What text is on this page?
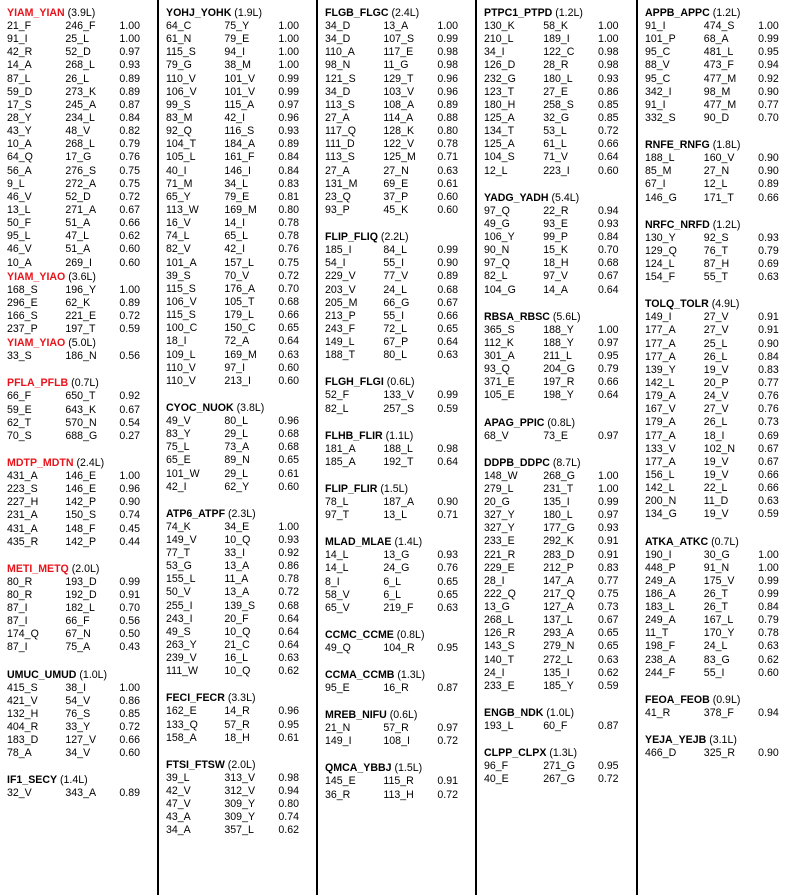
YIAM_YIAN (3.9L)
21_F	246_F	1.00
91_I	25_L	1.00
42_R	52_D	0.97
14_A	268_L	0.93
87_L	26_L	0.89
59_D	273_K	0.89
17_S	245_A	0.87
28_Y	234_L	0.84
43_Y	48_V	0.82
10_A	268_L	0.79
64_Q	17_G	0.76
56_A	276_S	0.75
9_L	272_A	0.75
46_V	52_D	0.72
13_L	271_A	0.67
50_F	51_A	0.66
95_L	47_L	0.62
46_V	51_A	0.60
10_A	269_I	0.60
YIAM_YIAO (3.6L)
168_S	196_Y	1.00
296_E	62_K	0.89
166_S	221_E	0.72
237_P	197_T	0.59
YIAM_YIAO (5.0L)
33_S	186_N	0.56
PFLA_PFLB (0.7L)
66_F	650_T	0.92
59_E	643_K	0.67
62_T	570_N	0.54
70_S	688_G	0.27
MDTP_MDTN (2.4L)
431_A	146_E	1.00
223_S	146_E	0.96
227_H	142_P	0.90
231_A	150_S	0.74
431_A	148_F	0.45
435_R	142_P	0.44
METI_METQ (2.0L)
80_R	193_D	0.99
80_R	192_D	0.91
87_I	182_L	0.70
87_I	66_F	0.56
174_Q	67_N	0.50
87_I	75_A	0.43
UMUC_UMUD (1.0L)
415_S	38_I	1.00
421_V	54_V	0.86
132_H	76_S	0.85
404_R	33_Y	0.72
183_D	127_V	0.66
78_A	34_V	0.60
IF1_SECY (1.4L)
32_V	343_A	0.89
YOHJ_YOHK (1.9L)
64_C	75_Y	1.00
61_N	79_E	1.00
115_S	94_I	1.00
79_G	38_M	1.00
110_V	101_V	0.99
106_V	101_V	0.99
99_S	115_A	0.97
83_M	42_I	0.96
92_Q	116_S	0.93
104_T	184_A	0.89
105_L	161_F	0.84
40_I	146_I	0.84
71_M	34_L	0.83
65_Y	79_E	0.81
113_W	169_M	0.80
16_V	14_I	0.78
74_L	65_L	0.78
82_V	42_I	0.76
101_A	157_L	0.75
39_S	70_V	0.72
115_S	176_A	0.70
106_V	105_T	0.68
115_S	179_L	0.66
100_C	150_C	0.65
18_I	72_A	0.64
109_L	169_M	0.63
110_V	97_I	0.60
110_V	213_I	0.60
CYOC_NUOK (3.8L)
49_V	80_L	0.96
83_Y	29_L	0.68
75_L	73_A	0.68
65_E	89_N	0.65
101_W	29_L	0.61
42_I	62_Y	0.60
ATP6_ATPF (2.3L)
74_K	34_E	1.00
149_V	10_Q	0.93
77_T	33_I	0.92
53_G	13_A	0.86
155_L	11_A	0.78
50_V	13_A	0.72
255_I	139_S	0.68
243_I	20_F	0.64
49_S	10_Q	0.64
263_Y	21_C	0.64
239_V	16_L	0.63
111_W	10_Q	0.62
FECI_FECR (3.3L)
162_E	14_R	0.96
133_Q	57_R	0.95
158_A	18_H	0.61
FTSI_FTSW (2.0L)
39_L	313_V	0.98
42_V	312_V	0.94
47_V	309_Y	0.80
43_A	309_Y	0.74
34_A	357_L	0.62
FLGB_FLGC (2.4L)
34_D	13_A	1.00
34_D	107_S	0.99
110_A	117_E	0.98
98_N	11_G	0.98
121_S	129_T	0.96
34_D	103_V	0.96
113_S	108_A	0.89
27_A	114_A	0.88
117_Q	128_K	0.80
111_D	122_V	0.78
113_S	125_M	0.71
27_A	27_N	0.63
131_M	69_E	0.61
23_Q	37_P	0.60
93_P	45_K	0.60
FLIP_FLIQ (2.2L)
185_I	84_L	0.99
54_I	55_I	0.90
229_V	77_V	0.89
203_V	24_L	0.68
205_M	66_G	0.67
213_P	55_I	0.66
243_F	72_L	0.65
149_L	67_P	0.64
188_T	80_L	0.63
FLGH_FLGI (0.6L)
52_F	133_V	0.99
82_L	257_S	0.59
FLHB_FLIR (1.1L)
181_A	188_L	0.98
185_A	192_T	0.64
FLIP_FLIR (1.5L)
78_L	187_A	0.90
97_T	13_L	0.71
MLAD_MLAE (1.4L)
14_L	13_G	0.93
14_L	24_G	0.76
8_I	6_L	0.65
58_V	6_L	0.65
65_V	219_F	0.63
CCMC_CCME (0.8L)
49_Q	104_R	0.95
CCMA_CCMB (1.3L)
95_E	16_R	0.87
MREB_NIFU (0.6L)
21_N	57_R	0.97
149_I	108_I	0.72
QMCA_YBBJ (1.5L)
145_E	115_R	0.91
36_R	113_H	0.72
PTPC1_PTPD (1.2L)
130_K	58_K	1.00
210_L	189_I	1.00
34_I	122_C	0.98
126_D	28_R	0.98
232_G	180_L	0.93
123_T	27_E	0.86
180_H	258_S	0.85
125_A	32_G	0.85
134_T	53_L	0.72
125_A	61_L	0.66
104_S	71_V	0.64
12_L	223_I	0.60
YADG_YADH (5.4L)
97_Q	22_R	0.94
49_G	93_E	0.93
106_Y	99_P	0.84
90_N	15_K	0.70
97_Q	18_H	0.68
82_L	97_V	0.67
104_G	14_A	0.64
RBSA_RBSC (5.6L)
365_S	188_Y	1.00
112_K	188_Y	0.97
301_A	211_L	0.95
93_Q	204_G	0.79
371_E	197_R	0.66
105_E	198_Y	0.64
APAG_PPIC (0.8L)
68_V	73_E	0.97
DDPB_DDPC (8.7L)
148_W	268_G	1.00
279_L	231_T	1.00
20_G	135_I	0.99
327_Y	180_L	0.97
327_Y	177_G	0.93
233_E	292_K	0.91
221_R	283_D	0.91
229_E	212_P	0.83
28_I	147_A	0.77
222_Q	217_Q	0.75
13_G	127_A	0.73
268_L	137_L	0.67
126_R	293_A	0.65
143_S	279_N	0.65
140_T	272_L	0.63
24_I	135_I	0.62
233_E	185_Y	0.59
ENGB_NDK (1.0L)
193_L	60_F	0.87
CLPP_CLPX (1.3L)
96_F	271_G	0.95
40_E	267_G	0.72
APPB_APPC (1.2L)
91_I	474_S	1.00
101_P	68_A	0.99
95_C	481_L	0.95
88_V	473_F	0.94
95_C	477_M	0.92
342_I	98_M	0.90
91_I	477_M	0.77
332_S	90_D	0.70
RNFE_RNFG (1.8L)
188_L	160_V	0.90
85_M	27_N	0.90
67_I	12_L	0.89
146_G	171_T	0.66
NRFC_NRFD (1.2L)
130_Y	92_S	0.93
129_Q	76_T	0.79
124_L	87_H	0.69
154_F	55_T	0.63
TOLQ_TOLR (4.9L)
149_I	27_V	0.91
177_A	27_V	0.91
177_A	25_L	0.90
177_A	26_L	0.84
139_Y	19_V	0.83
142_L	20_P	0.77
179_A	24_V	0.76
167_V	27_V	0.76
179_A	26_L	0.73
177_A	18_I	0.69
133_V	102_N	0.67
177_A	19_V	0.67
156_L	19_V	0.66
142_L	22_L	0.66
200_N	11_D	0.63
134_G	19_V	0.59
ATKA_ATKC (0.7L)
190_I	30_G	1.00
448_P	91_N	1.00
249_A	175_V	0.99
186_A	26_T	0.99
183_L	26_T	0.84
249_A	167_L	0.79
11_T	170_Y	0.78
198_F	24_L	0.63
238_A	83_G	0.62
244_F	55_I	0.60
FEOA_FEOB (0.9L)
41_R	378_F	0.94
YEJA_YEJB (3.1L)
466_D	325_R	0.90
